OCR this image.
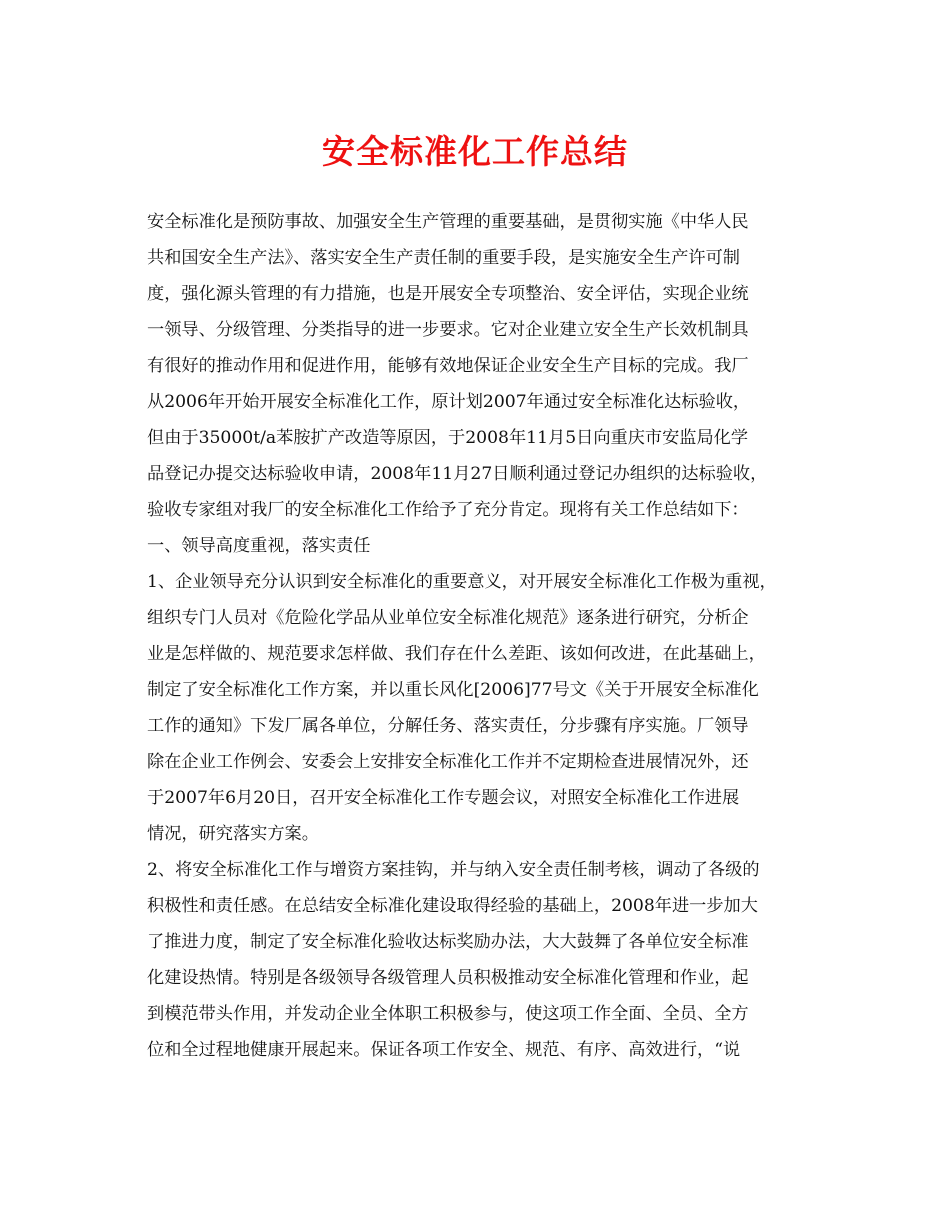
安全标准化工作总结
安全标准化是预防事故、加强安全生产管理的重要基础，是贯彻实施《中华人民
共和国安全生产法》、落实安全生产责任制的重要手段，是实施安全生产许可制
度，强化源头管理的有力措施，也是开展安全专项整治、安全评估，实现企业统
一领导、分级管理、分类指导的进一步要求。它对企业建立安全生产长效机制具
有很好的推动作用和促进作用，能够有效地保证企业安全生产目标的完成。我厂
从2006年开始开展安全标准化工作，原计划2007年通过安全标准化达标验收，
但由于35000t/a苯胺扩产改造等原因，于2008年11月5日向重庆市安监局化学
品登记办提交达标验收申请，2008年11月27日顺利通过登记办组织的达标验收，
验收专家组对我厂的安全标准化工作给予了充分肯定。现将有关工作总结如下：
一、领导高度重视，落实责任
1、企业领导充分认识到安全标准化的重要意义，对开展安全标准化工作极为重视，
组织专门人员对《危险化学品从业单位安全标准化规范》逐条进行研究，分析企
业是怎样做的、规范要求怎样做、我们存在什么差距、该如何改进，在此基础上，
制定了安全标准化工作方案，并以重长风化[2006]77号文《关于开展安全标准化
工作的通知》下发厂属各单位，分解任务、落实责任，分步骤有序实施。厂领导
除在企业工作例会、安委会上安排安全标准化工作并不定期检查进展情况外，还
于2007年6月20日，召开安全标准化工作专题会议，对照安全标准化工作进展
情况，研究落实方案。
2、将安全标准化工作与增资方案挂钩，并与纳入安全责任制考核，调动了各级的
积极性和责任感。在总结安全标准化建设取得经验的基础上，2008年进一步加大
了推进力度，制定了安全标准化验收达标奖励办法，大大鼓舞了各单位安全标准
化建设热情。特别是各级领导各级管理人员积极推动安全标准化管理和作业，起
到模范带头作用，并发动企业全体职工积极参与，使这项工作全面、全员、全方
位和全过程地健康开展起来。保证各项工作安全、规范、有序、高效进行，“说
